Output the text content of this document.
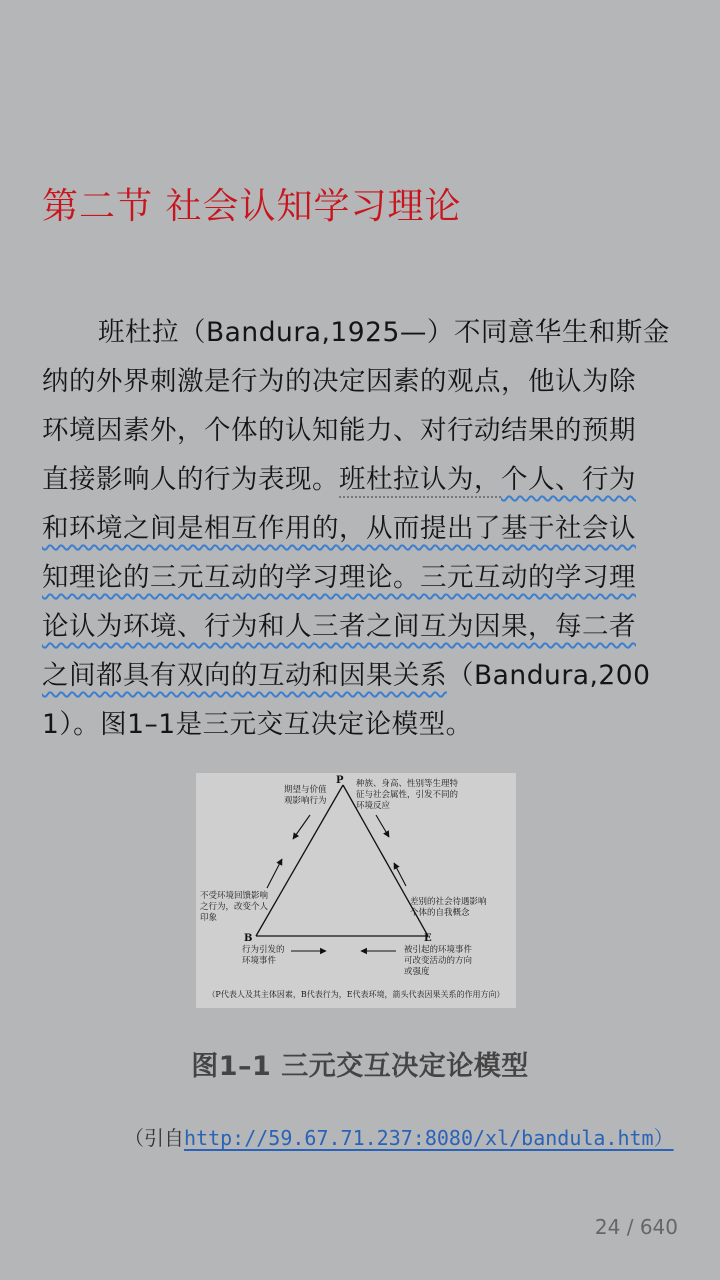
第二节 社会认知学习理论
班杜拉（Bandura,1925—）不同意华生和斯金
纳的外界刺激是行为的决定因素的观点，他认为除
环境因素外，个体的认知能力、对行动结果的预期
直接影响人的行为表现。班杜拉认为，个人、行为
和环境之间是相互作用的，从而提出了基于社会认
知理论的三元互动的学习理论。三元互动的学习理
论认为环境、行为和人三者之间互为因果，每二者
之间都具有双向的互动和因果关系（Bandura,200
1）。图1–1是三元交互决定论模型。
P
B	E
期望与价值
观影响行为
种族、身高、性别等生理特
征与社会属性，引发不同的
环境反应
不受环境回馈影响
之行为，改变个人
印象
差别的社会待遇影响
个体的自我概念
行为引发的
环境事件
被引起的环境事件
可改变活动的方向
或强度
（P代表人及其主体因素，B代表行为，E代表环境，箭头代表因果关系的作用方向）
图1–1 三元交互决定论模型
（引自http://59.67.71.237:8080/xl/bandula.htm）
24 / 640
